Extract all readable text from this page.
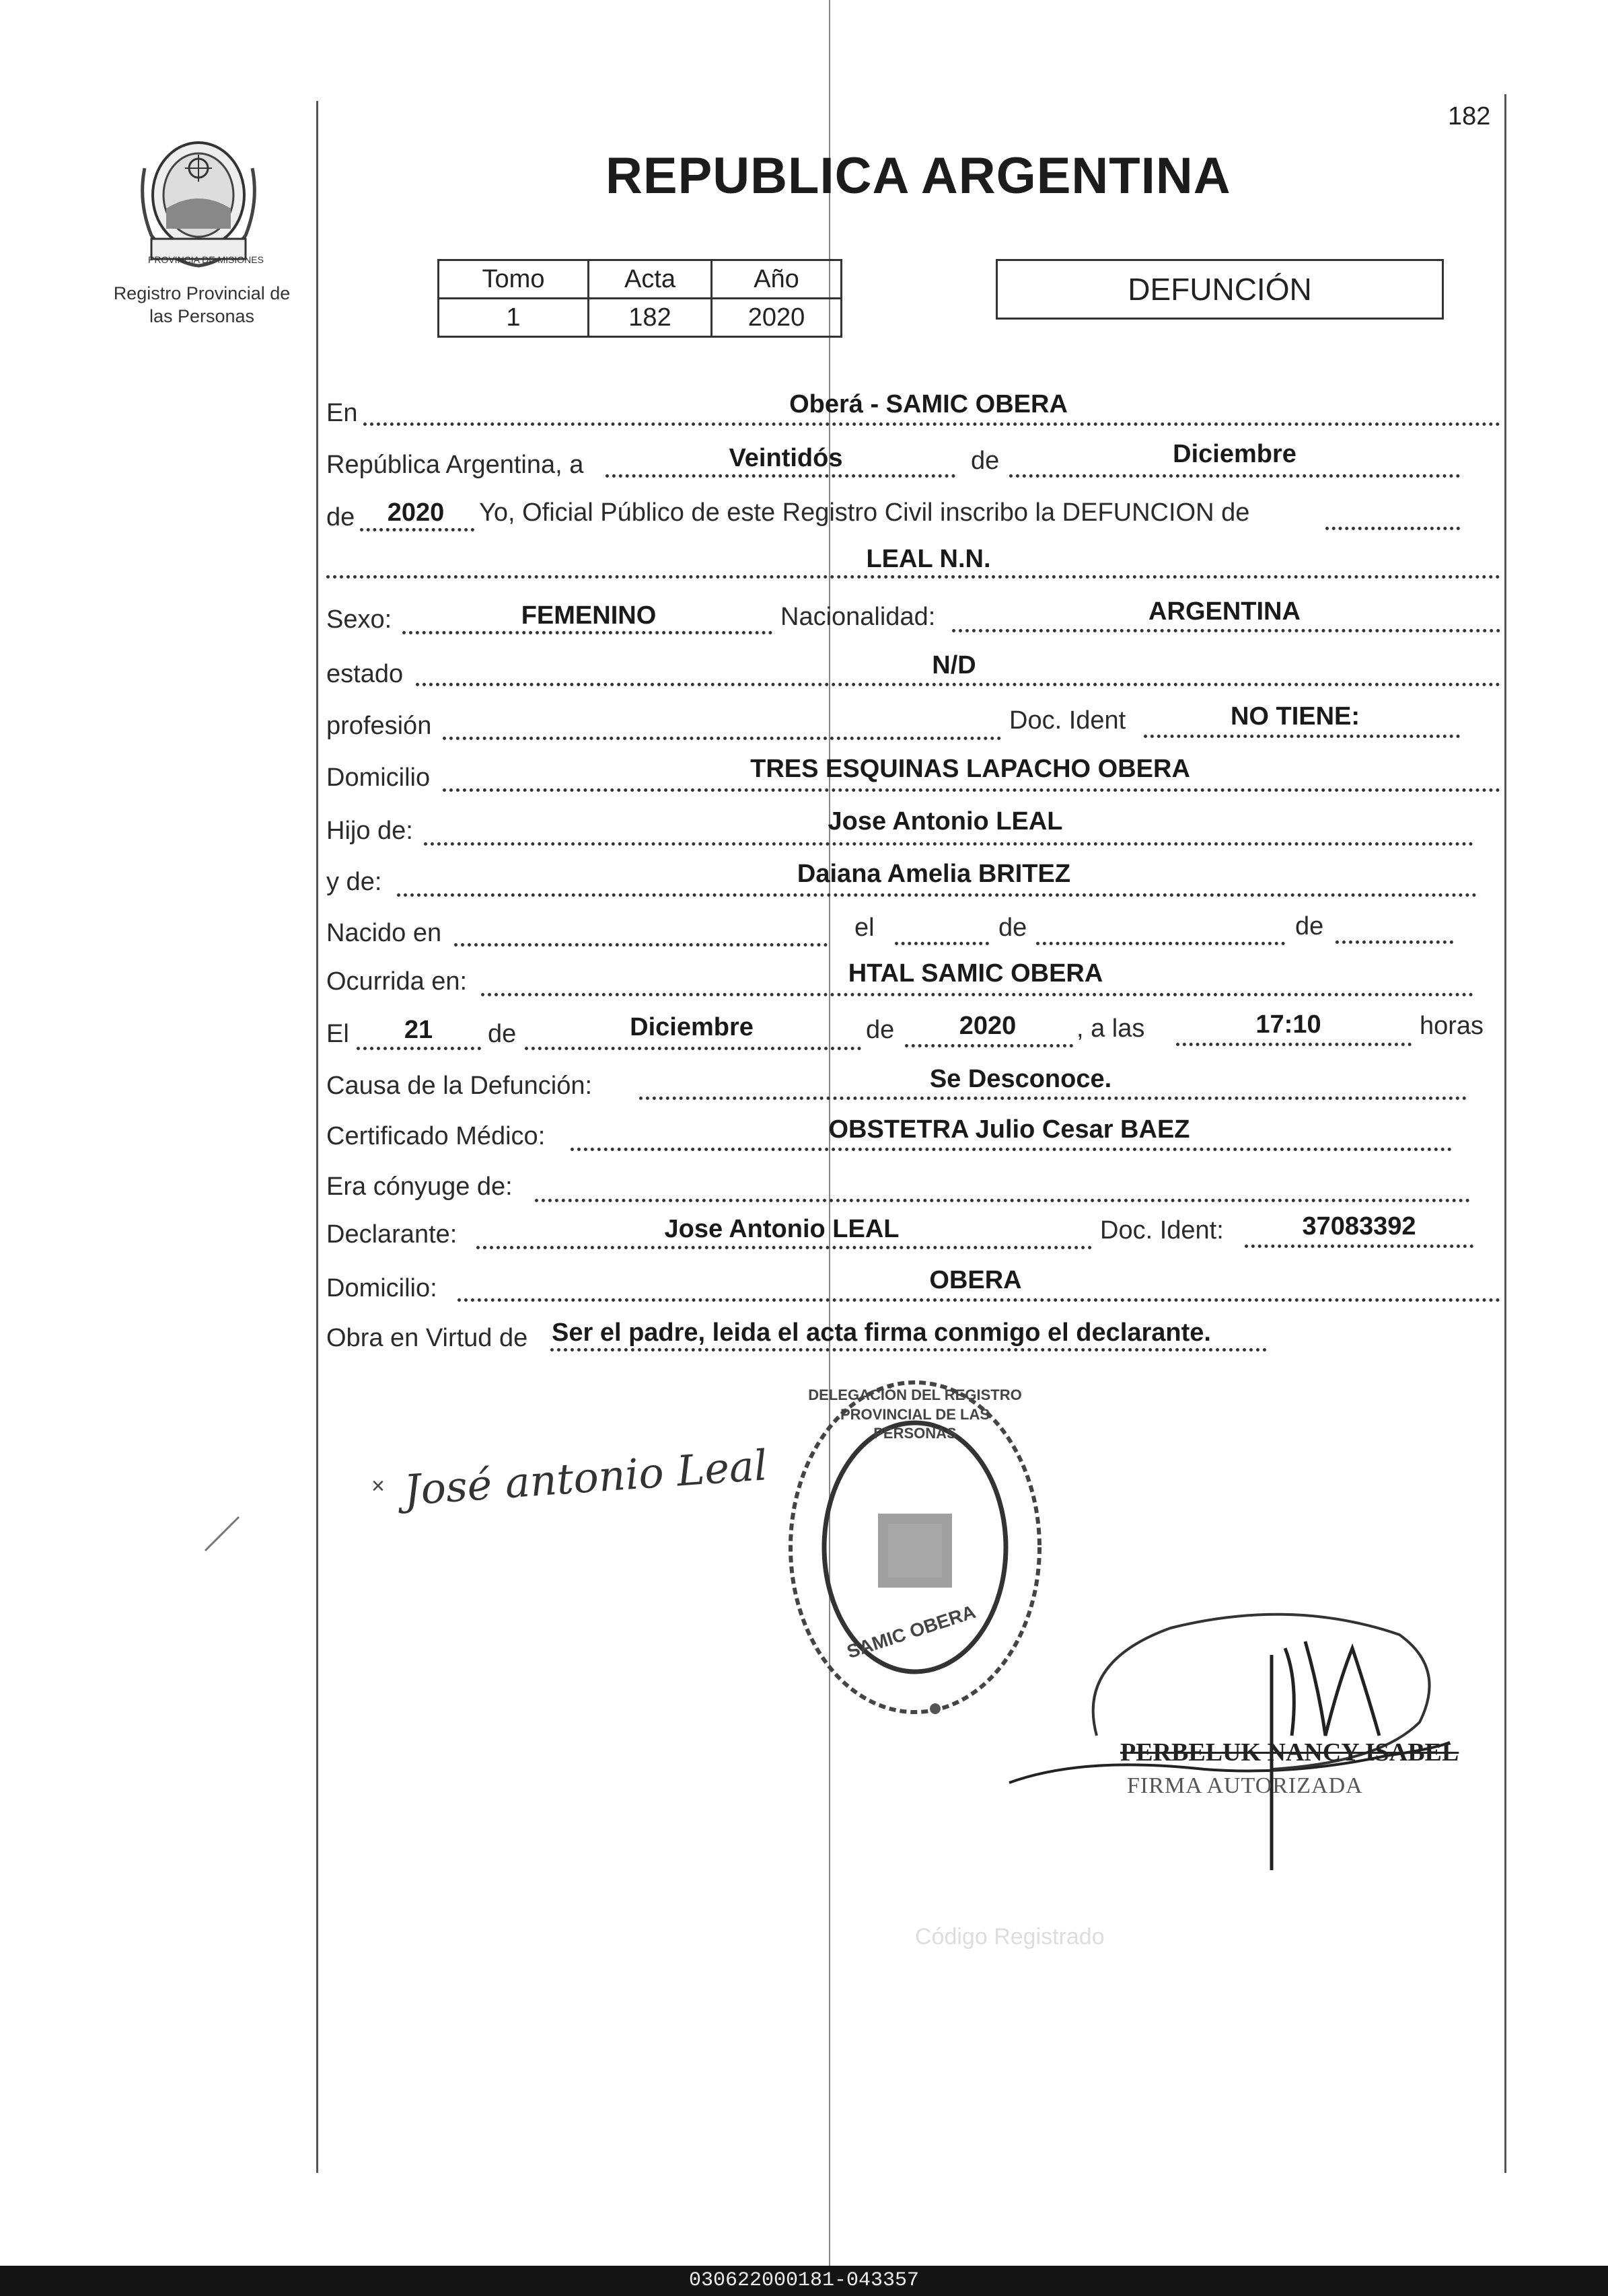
PROVINCIA DE MISIONES
Registro Provincial de
las Personas
182
REPUBLICA ARGENTINA
Tomo	Acta	Año
1	182	2020
DEFUNCIÓN
En	Oberá - SAMIC OBERA
República Argentina, a	Veintidós	de	Diciembre
de 2020 Yo, Oficial Público de este Registro Civil inscribo la DEFUNCION de
LEAL N.N.
Sexo:	FEMENINO	Nacionalidad:	ARGENTINA
estado	N/D
profesión	Doc. Ident	NO TIENE:
Domicilio	TRES ESQUINAS LAPACHO OBERA
Hijo de:	Jose Antonio LEAL
y de:	Daiana Amelia BRITEZ
Nacido en	el	de	de
Ocurrida en:	HTAL SAMIC OBERA
El 21 de	Diciembre	de	2020 , a las	17:10	horas
Causa de la Defunción:	Se Desconoce.
Certificado Médico:	OBSTETRA Julio Cesar BAEZ
Era cónyuge de:
Declarante:	Jose Antonio LEAL	Doc. Ident:	37083392
Domicilio:	OBERA
Obra en Virtud de Ser el padre, leida el acta firma conmigo el declarante.
José antonio Leal
×
DELEGACIÓN DEL REGISTRO PROVINCIAL DE LAS PERSONAS
SAMIC OBERA
PERBELUK NANCY ISABEL
FIRMA AUTORIZADA
Código Registrado
030622000181-043357
